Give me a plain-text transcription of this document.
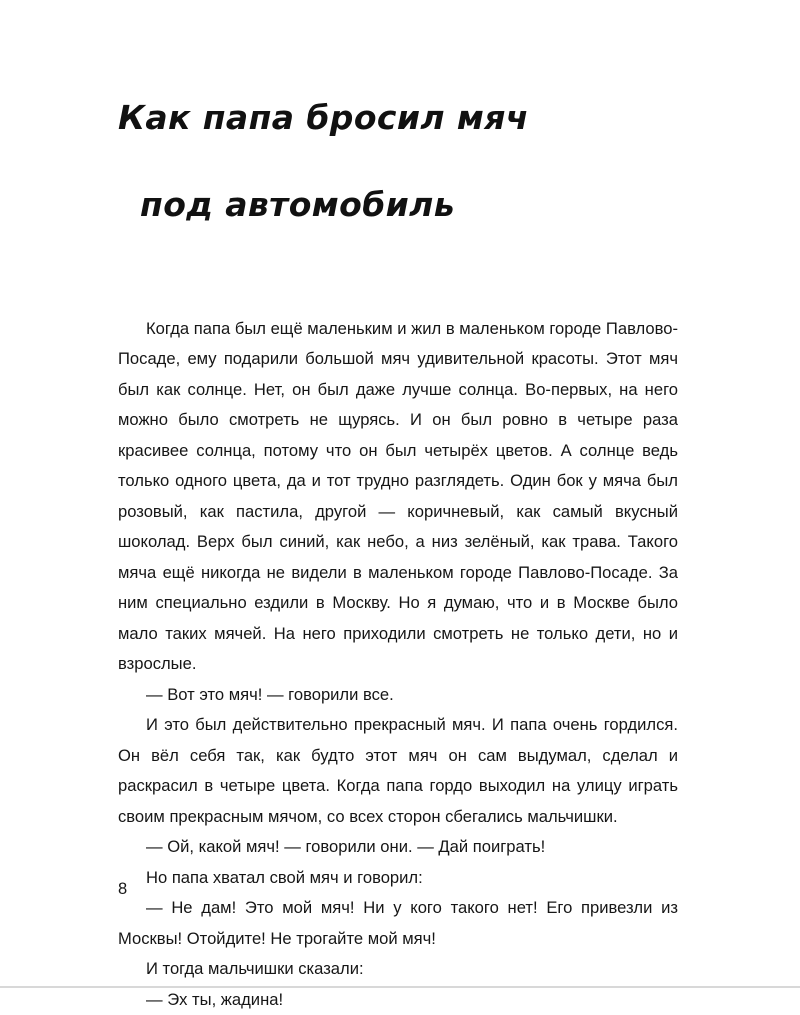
Как папа бросил мяч

под автомобиль

Когда папа был ещё маленьким и жил в маленьком городе Павлово-Посаде, ему подарили большой мяч удивительной красоты. Этот мяч был как солнце. Нет, он был даже лучше солнца. Во-первых, на него можно было смотреть не щурясь. И он был ровно в четыре раза красивее солнца, потому что он был четырёх цветов. А солнце ведь только одного цвета, да и тот трудно разглядеть. Один бок у мяча был розовый, как пастила, другой — коричневый, как самый вкусный шоколад. Верх был синий, как небо, а низ зелёный, как трава. Такого мяча ещё никогда не видели в маленьком городе Павлово-Посаде. За ним специально ездили в Москву. Но я думаю, что и в Москве было мало таких мячей. На него приходили смотреть не только дети, но и взрослые.

— Вот это мяч! — говорили все.

И это был действительно прекрасный мяч. И папа очень гордился. Он вёл себя так, как будто этот мяч он сам выдумал, сделал и раскрасил в четыре цвета. Когда папа гордо выходил на улицу играть своим прекрасным мячом, со всех сторон сбегались мальчишки.

— Ой, какой мяч! — говорили они. — Дай поиграть!

Но папа хватал свой мяч и говорил:

— Не дам! Это мой мяч! Ни у кого такого нет! Его привезли из Москвы! Отойдите! Не трогайте мой мяч!

И тогда мальчишки сказали:

— Эх ты, жадина!

8
